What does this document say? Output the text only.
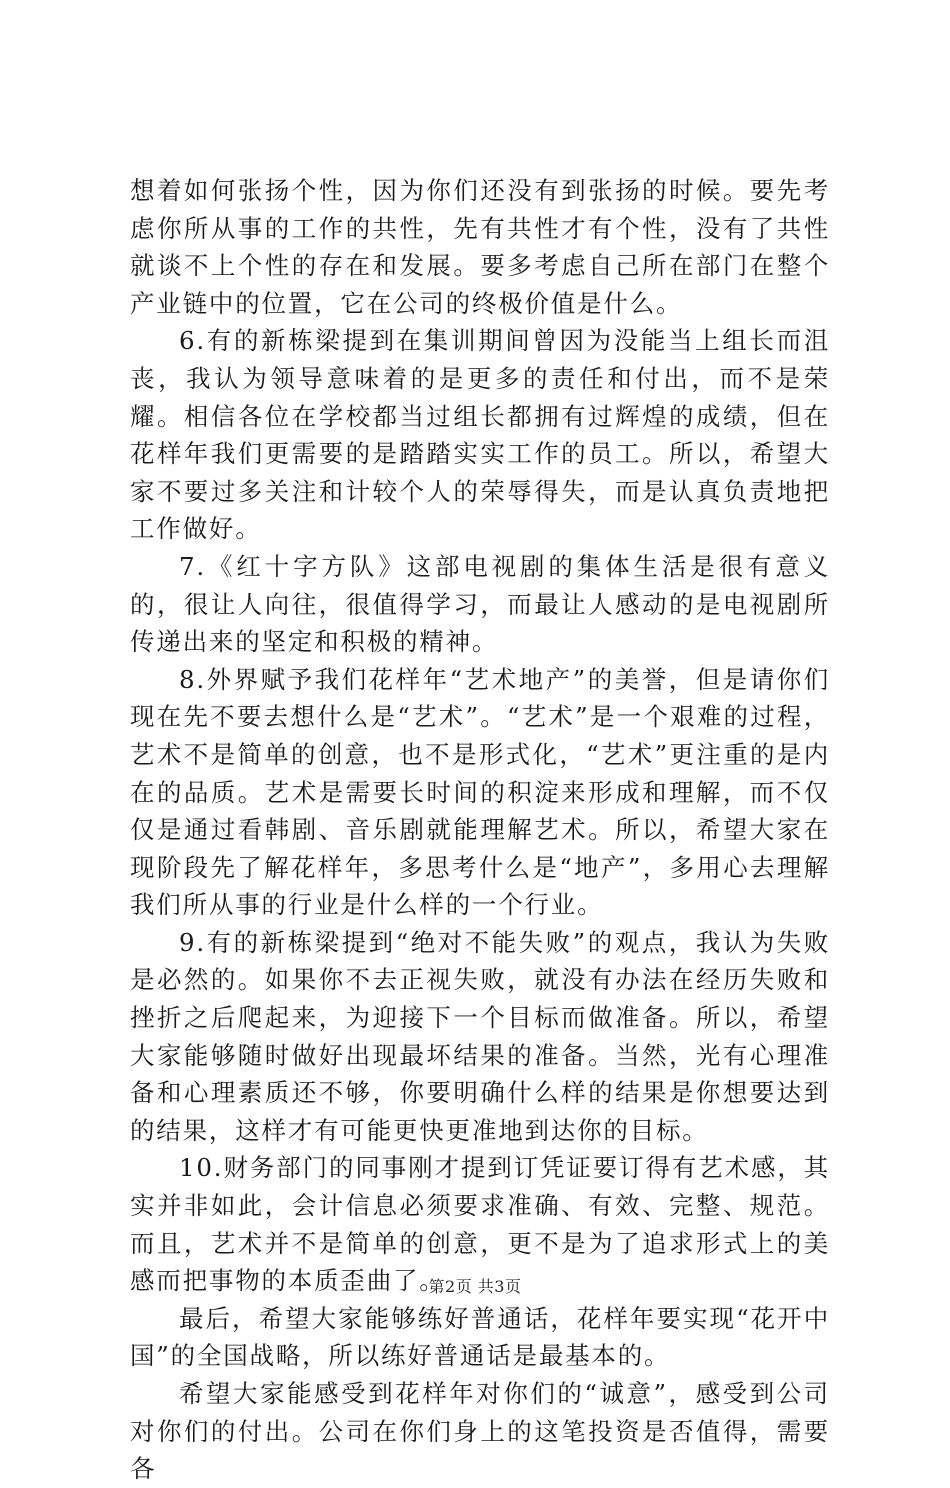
想着如何张扬个性，因为你们还没有到张扬的时候。要先考虑你所从事的工作的共性，先有共性才有个性，没有了共性就谈不上个性的存在和发展。要多考虑自己所在部门在整个产业链中的位置，它在公司的终极价值是什么。

6.有的新栋梁提到在集训期间曾因为没能当上组长而沮丧，我认为领导意味着的是更多的责任和付出，而不是荣耀。相信各位在学校都当过组长都拥有过辉煌的成绩，但在花样年我们更需要的是踏踏实实工作的员工。所以，希望大家不要过多关注和计较个人的荣辱得失，而是认真负责地把工作做好。

7.《红十字方队》这部电视剧的集体生活是很有意义的，很让人向往，很值得学习，而最让人感动的是电视剧所传递出来的坚定和积极的精神。

8.外界赋予我们花样年“艺术地产”的美誉，但是请你们现在先不要去想什么是“艺术”。“艺术”是一个艰难的过程，艺术不是简单的创意，也不是形式化，“艺术”更注重的是内在的品质。艺术是需要长时间的积淀来形成和理解，而不仅仅是通过看韩剧、音乐剧就能理解艺术。所以，希望大家在现阶段先了解花样年，多思考什么是“地产”，多用心去理解我们所从事的行业是什么样的一个行业。

9.有的新栋梁提到“绝对不能失败”的观点，我认为失败是必然的。如果你不去正视失败，就没有办法在经历失败和挫折之后爬起来，为迎接下一个目标而做准备。所以，希望大家能够随时做好出现最坏结果的准备。当然，光有心理准备和心理素质还不够，你要明确什么样的结果是你想要达到的结果，这样才有可能更快更准地到达你的目标。

10.财务部门的同事刚才提到订凭证要订得有艺术感，其实并非如此，会计信息必须要求准确、有效、完整、规范。而且，艺术并不是简单的创意，更不是为了追求形式上的美感而把事物的本质歪曲了。

最后，希望大家能够练好普通话，花样年要实现“花开中国”的全国战略，所以练好普通话是最基本的。

希望大家能感受到花样年对你们的“诚意”，感受到公司对你们的付出。公司在你们身上的这笔投资是否值得，需要各

第2页 共3页
